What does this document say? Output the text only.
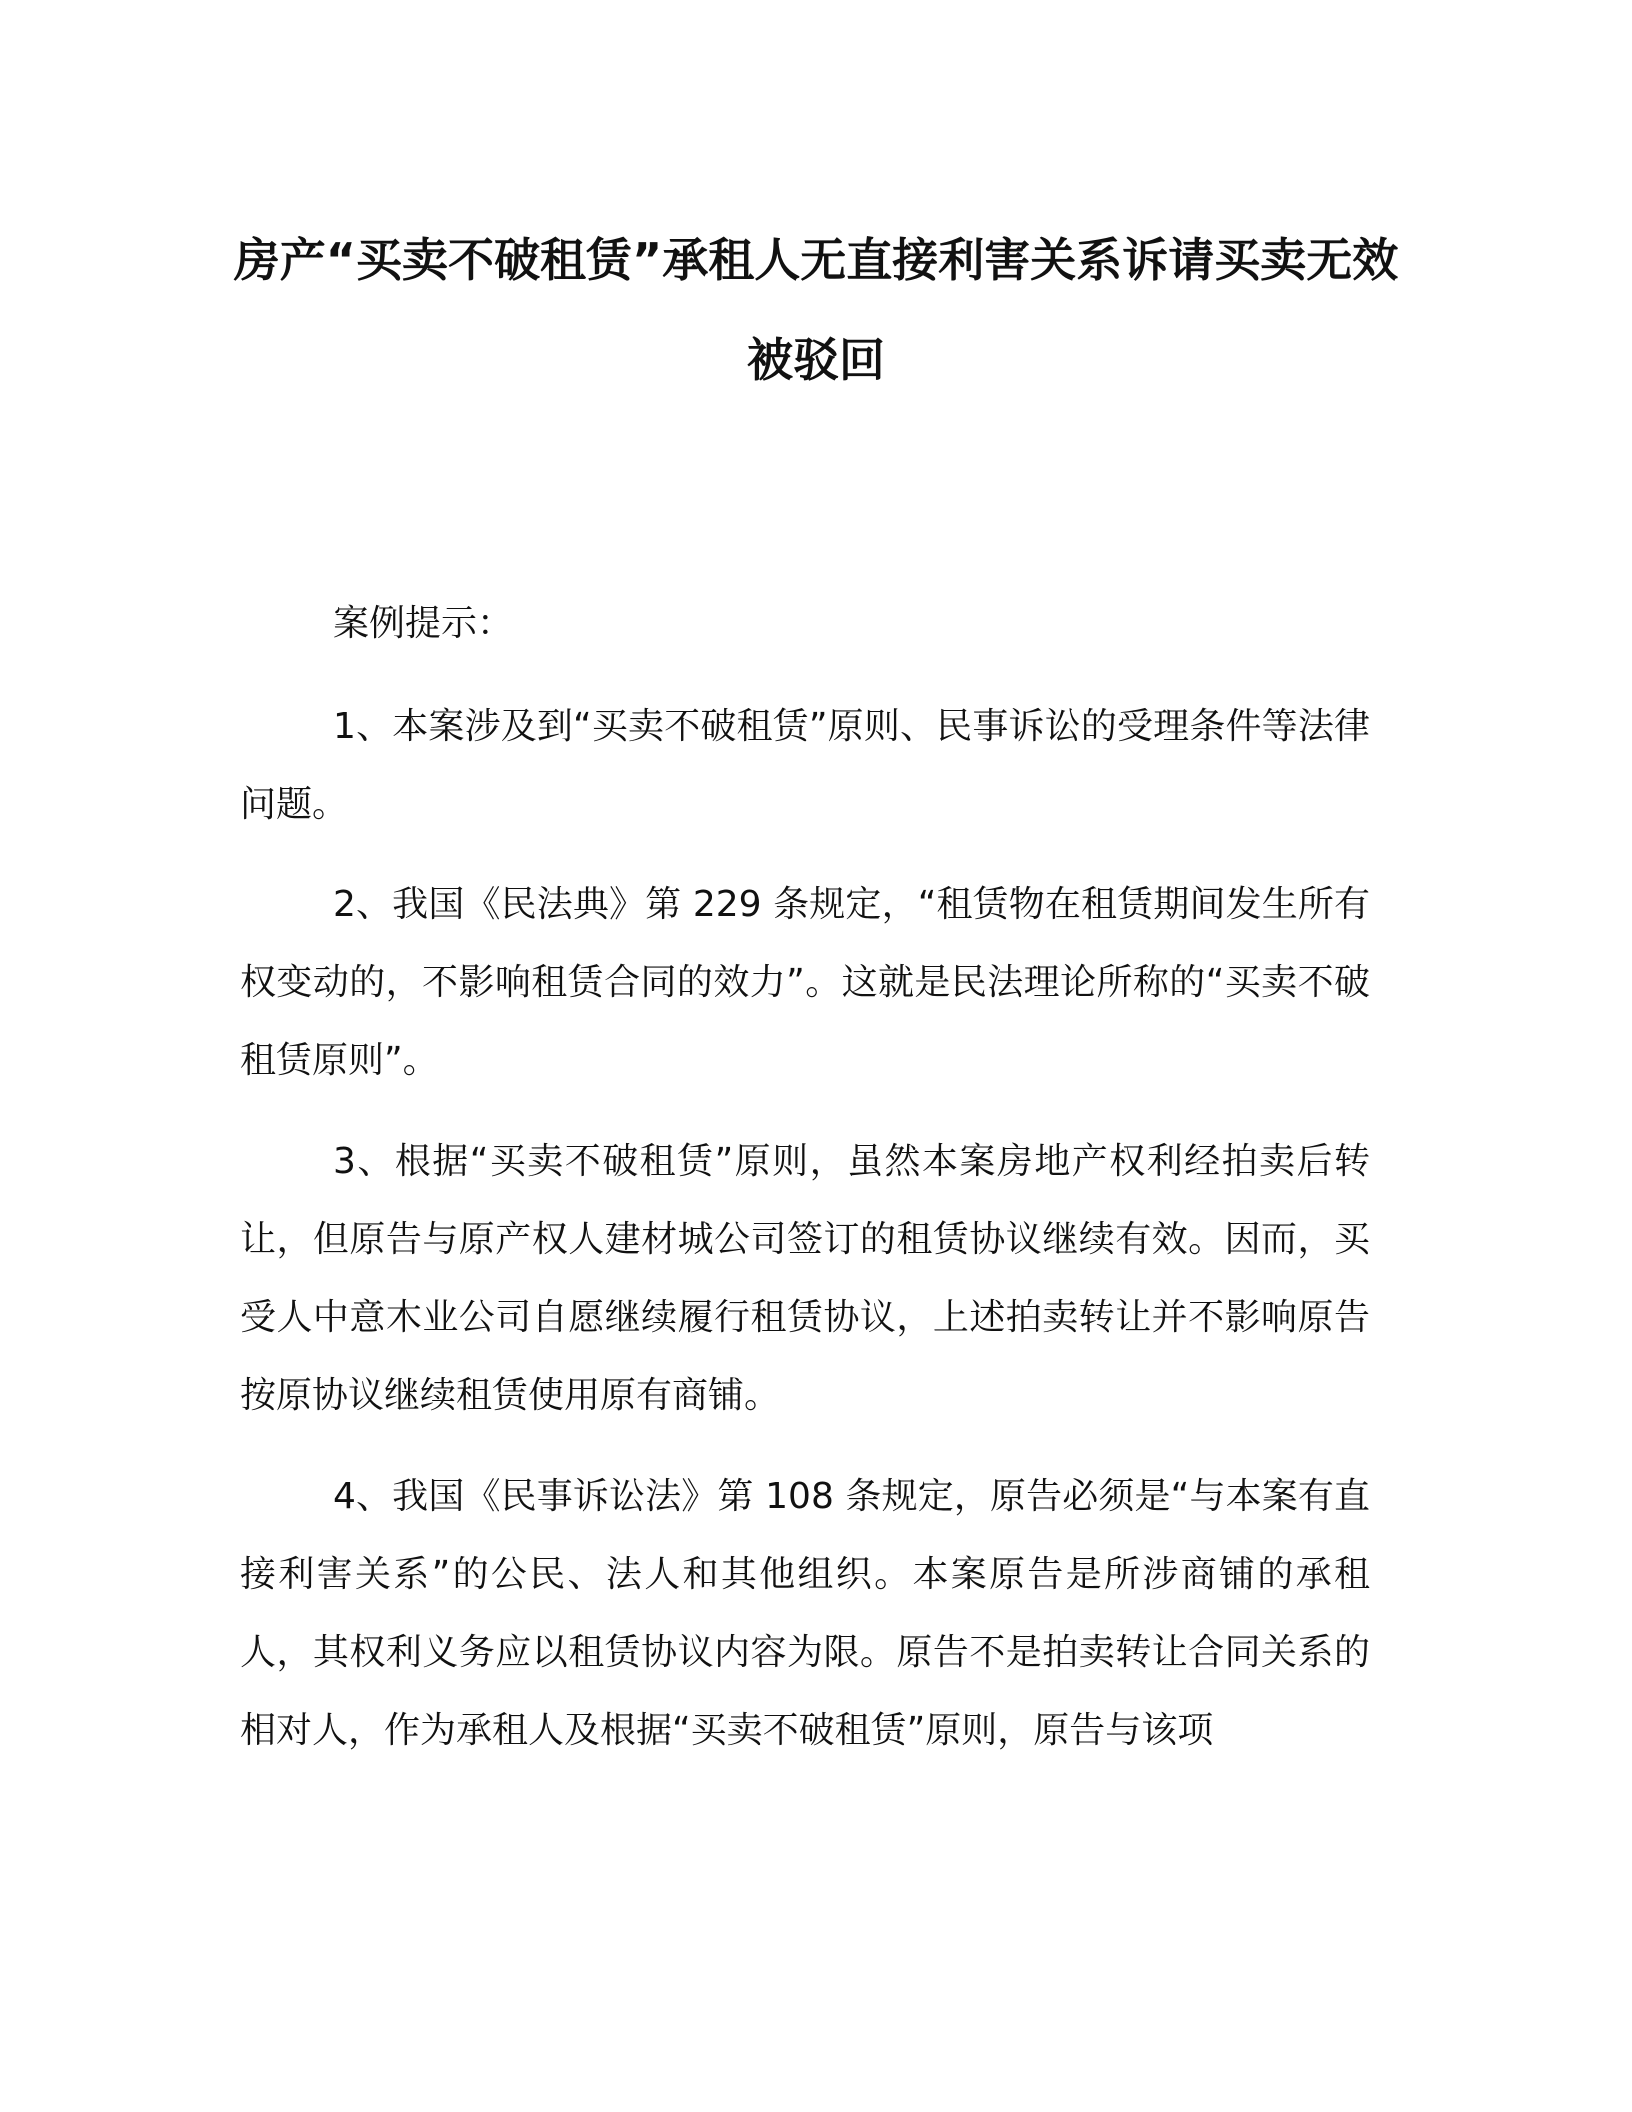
房产“买卖不破租赁”承租人无直接利害关系诉请买卖无效被驳回

案例提示：

1、本案涉及到“买卖不破租赁”原则、民事诉讼的受理条件等法律问题。

2、我国《民法典》第 229 条规定，“租赁物在租赁期间发生所有权变动的，不影响租赁合同的效力”。这就是民法理论所称的“买卖不破租赁原则”。

3、根据“买卖不破租赁”原则，虽然本案房地产权利经拍卖后转让，但原告与原产权人建材城公司签订的租赁协议继续有效。因而，买受人中意木业公司自愿继续履行租赁协议，上述拍卖转让并不影响原告按原协议继续租赁使用原有商铺。

4、我国《民事诉讼法》第 108 条规定，原告必须是“与本案有直接利害关系”的公民、法人和其他组织。本案原告是所涉商铺的承租人，其权利义务应以租赁协议内容为限。原告不是拍卖转让合同关系的相对人，作为承租人及根据“买卖不破租赁”原则，原告与该项
